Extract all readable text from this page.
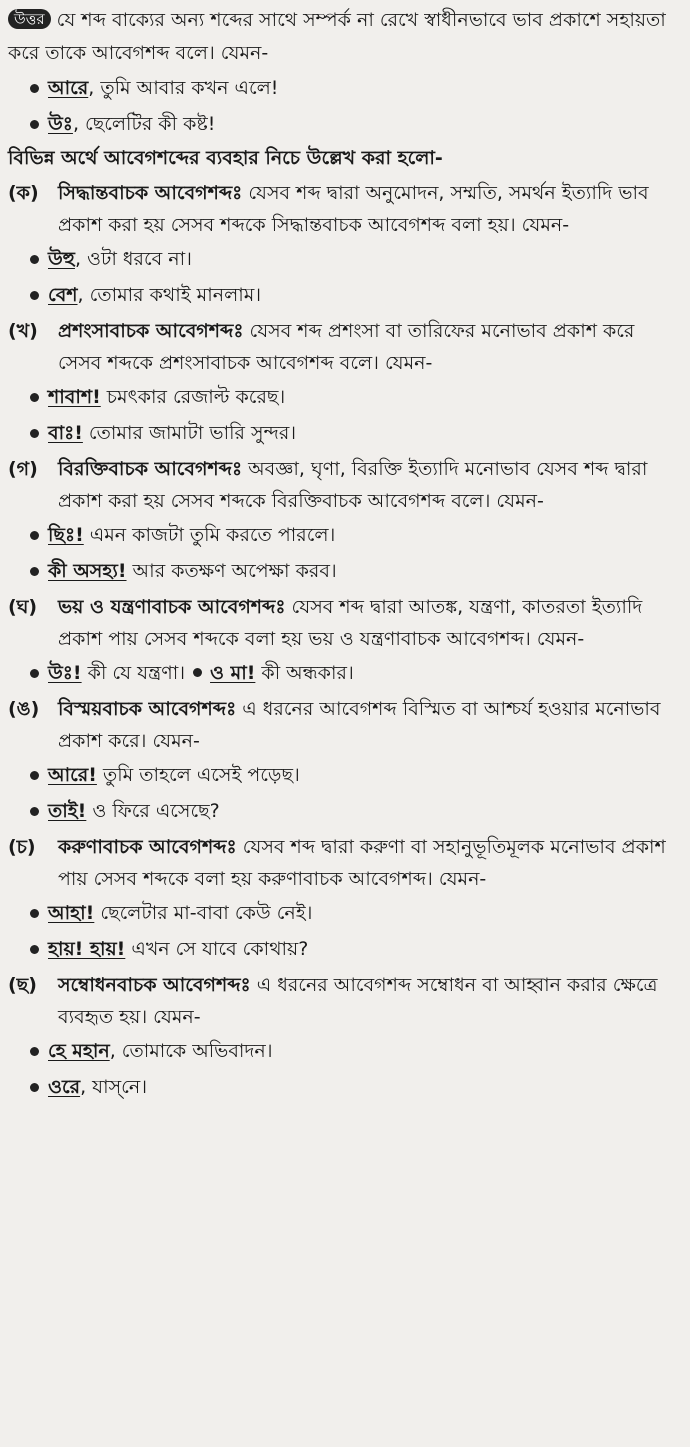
উত্তর যে শব্দ বাক্যের অন্য শব্দের সাথে সম্পর্ক না রেখে স্বাধীনভাবে ভাব প্রকাশে সহায়তা করে তাকে আবেগশব্দ বলে। যেমন-

আরে, তুমি আবার কখন এলে!

উঃ, ছেলেটির কী কষ্ট!

বিভিন্ন অর্থে আবেগশব্দের ব্যবহার নিচে উল্লেখ করা হলো-

(ক) সিদ্ধান্তবাচক আবেগশব্দঃ যেসব শব্দ দ্বারা অনুমোদন, সম্মতি, সমর্থন ইত্যাদি ভাব প্রকাশ করা হয় সেসব শব্দকে সিদ্ধান্তবাচক আবেগশব্দ বলা হয়। যেমন-

উহু, ওটা ধরবে না।

বেশ, তোমার কথাই মানলাম।

(খ) প্রশংসাবাচক আবেগশব্দঃ যেসব শব্দ প্রশংসা বা তারিফের মনোভাব প্রকাশ করে সেসব শব্দকে প্রশংসাবাচক আবেগশব্দ বলে। যেমন-

শাবাশ! চমৎকার রেজাল্ট করেছ।

বাঃ! তোমার জামাটা ভারি সুন্দর।

(গ) বিরক্তিবাচক আবেগশব্দঃ অবজ্ঞা, ঘৃণা, বিরক্তি ইত্যাদি মনোভাব যেসব শব্দ দ্বারা প্রকাশ করা হয় সেসব শব্দকে বিরক্তিবাচক আবেগশব্দ বলে। যেমন-

ছিঃ! এমন কাজটা তুমি করতে পারলে।

কী অসহ্য! আর কতক্ষণ অপেক্ষা করব।

(ঘ) ভয় ও যন্ত্রণাবাচক আবেগশব্দঃ যেসব শব্দ দ্বারা আতঙ্ক, যন্ত্রণা, কাতরতা ইত্যাদি প্রকাশ পায় সেসব শব্দকে বলা হয় ভয় ও যন্ত্রণাবাচক আবেগশব্দ। যেমন-

উঃ! কী যে যন্ত্রণা। ও মা! কী অন্ধকার।

(ঙ) বিস্ময়বাচক আবেগশব্দঃ এ ধরনের আবেগশব্দ বিস্মিত বা আশ্চর্য হওয়ার মনোভাব প্রকাশ করে। যেমন-

আরে! তুমি তাহলে এসেই পড়েছ।

তাই! ও ফিরে এসেছে?

(চ) করুণাবাচক আবেগশব্দঃ যেসব শব্দ দ্বারা করুণা বা সহানুভূতিমূলক মনোভাব প্রকাশ পায় সেসব শব্দকে বলা হয় করুণাবাচক আবেগশব্দ। যেমন-

আহা! ছেলেটার মা-বাবা কেউ নেই।

হায়! হায়! এখন সে যাবে কোথায়?

(ছ) সম্বোধনবাচক আবেগশব্দঃ এ ধরনের আবেগশব্দ সম্বোধন বা আহ্বান করার ক্ষেত্রে ব্যবহৃত হয়। যেমন-

হে মহান, তোমাকে অভিবাদন।

ওরে, যাস্‌নে।
